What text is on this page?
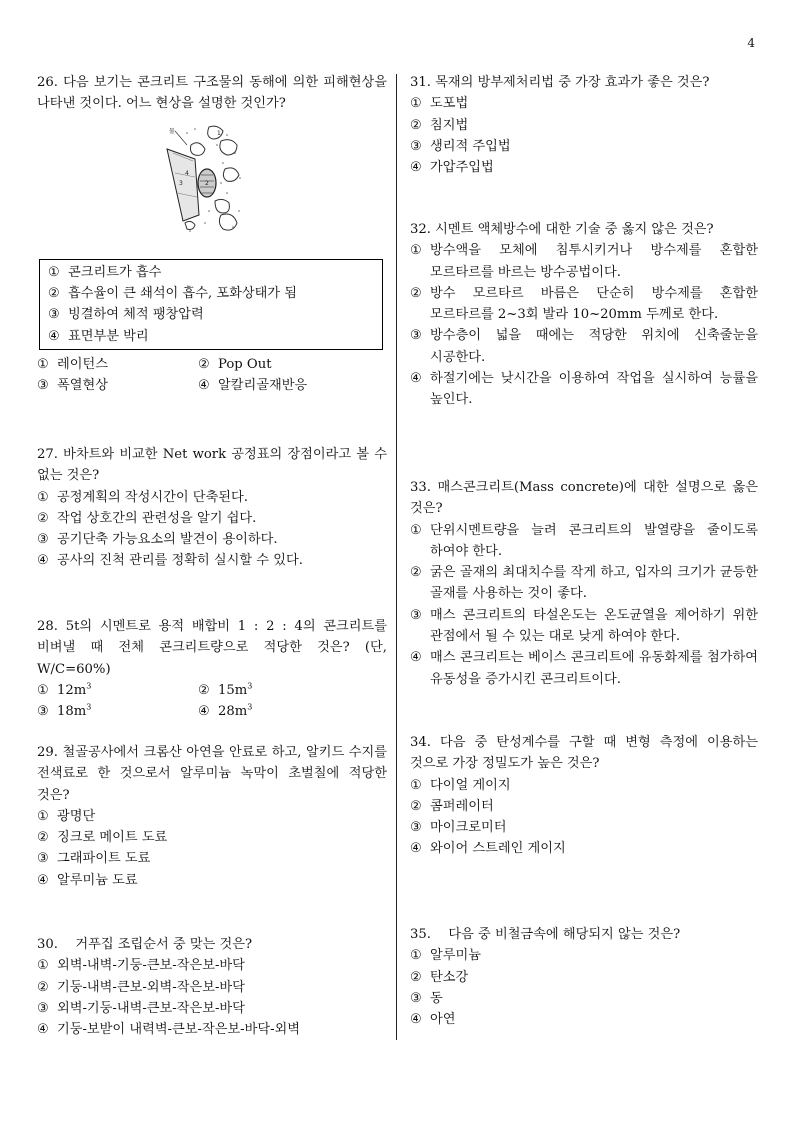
4
26. 다음 보기는 콘크리트 구조물의 동해에 의한 피해현상을 나타낸 것이다. 어느 현상을 설명한 것인가?
물	1
2
3
4
① 콘크리트가 흡수
② 흡수율이 큰 쇄석이 흡수, 포화상태가 됨
③ 빙결하여 체적 팽창압력
④ 표면부분 박리
① 레이턴스	② Pop Out
③ 폭열현상	④ 알칼리골재반응
27. 바차트와 비교한 Net work 공정표의 장점이라고 볼 수 없는 것은?
① 공정계획의 작성시간이 단축된다.
② 작업 상호간의 관련성을 알기 쉽다.
③ 공기단축 가능요소의 발견이 용이하다.
④ 공사의 진척 관리를 정확히 실시할 수 있다.
28. 5t의 시멘트로 용적 배합비 1 : 2 : 4의 콘크리트를 비벼낼 때 전체 콘크리트량으로 적당한 것은? (단, W/C=60%)
① $12m^3$	② $15m^3$
③ $18m^3$	④ $28m^3$
29. 철골공사에서 크롬산 아연을 안료로 하고, 알키드 수지를 전색료로 한 것으로서 알루미늄 녹막이 초벌칠에 적당한 것은?
① 광명단
② 징크로 메이트 도료
③ 그래파이트 도료
④ 알루미늄 도료
30. 　거푸집 조립순서 중 맞는 것은?
① 외벽-내벽-기둥-큰보-작은보-바닥
② 기둥-내벽-큰보-외벽-작은보-바닥
③ 외벽-기둥-내벽-큰보-작은보-바닥
④ 기둥-보받이 내력벽-큰보-작은보-바닥-외벽
31. 목재의 방부제처리법 중 가장 효과가 좋은 것은?
① 도포법
② 침지법
③ 생리적 주입법
④ 가압주입법
32. 시멘트 액체방수에 대한 기술 중 옳지 않은 것은?
① 방수액을 모체에 침투시키거나 방수제를 혼합한 모르타르를 바르는 방수공법이다.
② 방수 모르타르 바름은 단순히 방수제를 혼합한 모르타르를 2~3회 발라 10~20mm 두께로 한다.
③ 방수층이 넓을 때에는 적당한 위치에 신축줄눈을 시공한다.
④ 하절기에는 낮시간을 이용하여 작업을 실시하여 능률을 높인다.
33. 매스콘크리트(Mass concrete)에 대한 설명으로 옳은 것은?
① 단위시멘트량을 늘려 콘크리트의 발열량을 줄이도록 하여야 한다.
② 굵은 골재의 최대치수를 작게 하고, 입자의 크기가 균등한 골재를 사용하는 것이 좋다.
③ 매스 콘크리트의 타설온도는 온도균열을 제어하기 위한 관점에서 될 수 있는 대로 낮게 하여야 한다.
④ 매스 콘크리트는 베이스 콘크리트에 유동화제를 첨가하여 유동성을 증가시킨 콘크리트이다.
34. 다음 중 탄성계수를 구할 때 변형 측정에 이용하는 것으로 가장 정밀도가 높은 것은?
① 다이얼 게이지
② 콤퍼레이터
③ 마이크로미터
④ 와이어 스트레인 게이지
35. 　다음 중 비철금속에 해당되지 않는 것은?
① 알루미늄
② 탄소강
③ 동
④ 아연
